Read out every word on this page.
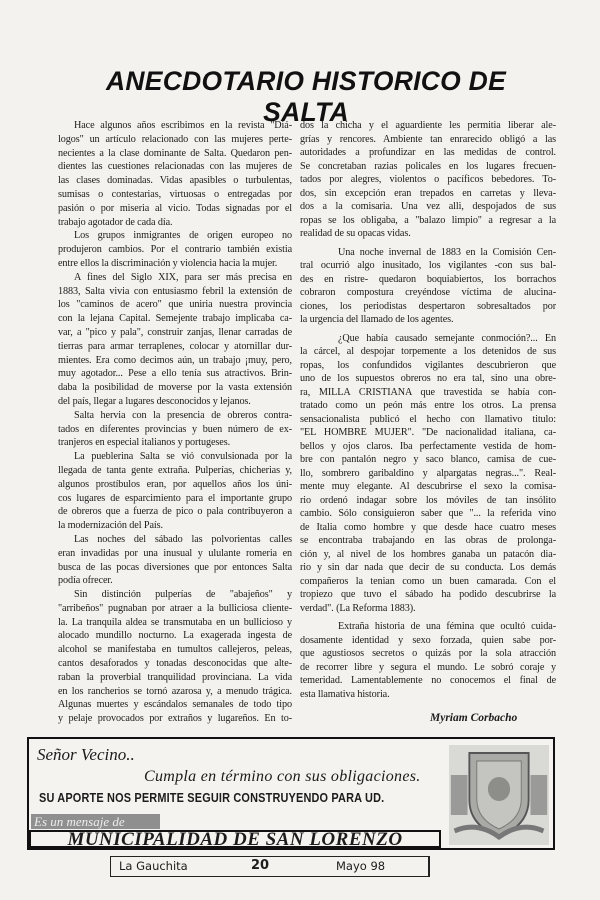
ANECDOTARIO HISTORICO DE SALTA
Hace algunos años escribimos en la revista "Diá-
logos" un artículo relacionado con las mujeres perte-
necientes a la clase dominante de Salta. Quedaron pen-
dientes las cuestiones relacionadas con las mujeres de
las clases dominadas. Vidas apasibles o turbulentas,
sumisas o contestarias, virtuosas o entregadas por
pasión o por miseria al vicio. Todas signadas por el
trabajo agotador de cada día.
Los grupos inmigrantes de origen europeo no
produjeron cambios. Por el contrario también existia
entre ellos la discriminación y violencia hacia la mujer.
A fines del Siglo XIX, para ser más precisa en
1883, Salta vivia con entusiasmo febril la extensión de
los "caminos de acero" que uniria nuestra provincia
con la lejana Capital. Semejente trabajo implicaba ca-
var, a "pico y pala", construir zanjas, llenar carradas de
tierras para armar terraplenes, colocar y atornillar dur-
mientes. Era como decimos aún, un trabajo ¡muy, pero,
muy agotador... Pese a ello tenía sus atractivos. Brin-
daba la posibilidad de moverse por la vasta extensión
del país, llegar a lugares desconocidos y lejanos.
Salta hervia con la presencia de obreros contra-
tados en diferentes provincias y buen número de ex-
tranjeros en especial italianos y portugeses.
La pueblerina Salta se vió convulsionada por la
llegada de tanta gente extraña. Pulperías, chicherias y,
algunos prostíbulos eran, por aquellos años los úni-
cos lugares de esparcimiento para el importante grupo
de obreros que a fuerza de pico o pala contribuyeron a
la modernización del País.
Las noches del sábado las polvorientas calles
eran invadidas por una inusual y ululante romeria en
busca de las pocas diversiones que por entonces Salta
podía ofrecer.
Sin distinción pulperías de "abajeños" y
"arribeños" pugnaban por atraer a la bulliciosa cliente-
la. La tranquila aldea se transmutaba en un bullicioso y
alocado mundillo nocturno. La exagerada ingesta de
alcohol se manifestaba en tumultos callejeros, peleas,
cantos desaforados y tonadas desconocidas que alte-
raban la proverbial tranquilidad provinciana. La vida
en los rancherios se tornó azarosa y, a menudo trágica.
Algunas muertes y escándalos semanales de todo tipo
y pelaje provocados por extraños y lugareños. En to-
dos la chicha y el aguardiente les permitia liberar ale-
grías y rencores. Ambiente tan enrarecido obligó a las
autoridades a profundizar en las medidas de control.
Se concretaban razias policales en los lugares frecuen-
tados por alegres, violentos o pacíficos bebedores. To-
dos, sin excepción eran trepados en carretas y lleva-
dos a la comisaria. Una vez alli, despojados de sus
ropas se los obligaba, a "balazo limpio" a regresar a la
realidad de su opacas vidas.
Una noche invernal de 1883 en la Comisión Cen-
tral ocurrió algo inusitado, los vigilantes -con sus bal-
des en ristre- quedaron boquiabiertos, los borrachos
cobraron compostura creyéndose víctima de alucina-
ciones, los periodistas despertaron sobresaltados por
la urgencia del llamado de los agentes.
¿Que había causado semejante conmoción?... En
la cárcel, al despojar torpemente a los detenidos de sus
ropas, los confundidos vigilantes descubrieron que
uno de los supuestos obreros no era tal, sino una obre-
ra, MILLA CRISTIANA que travestida se había con-
tratado como un peón más entre los otros. La prensa
sensacionalista publicó el hecho con llamativo titulo:
"EL HOMBRE MUJER". "De nacionalidad italiana, ca-
bellos y ojos claros. Iba perfectamente vestida de hom-
bre con pantalón negro y saco blanco, camisa de cue-
llo, sombrero garibaldino y alpargatas negras...". Real-
mente muy elegante. Al descubrirse el sexo la comisa-
rio ordenó indagar sobre los móviles de tan insólito
cambio. Sólo consiguieron saber que "... la referida vino
de Italia como hombre y que desde hace cuatro meses
se encontraba trabajando en las obras de prolonga-
ción y, al nivel de los hombres ganaba un patacón dia-
rio y sin dar nada que decir de su conducta. Los demás
compañeros la tenian como un buen camarada. Con el
tropiezo que tuvo el sábado ha podido descubrirse la
verdad". (La Reforma 1883).
Extraña historia de una fémina que ocultó cuida-
dosamente identidad y sexo forzada, quien sabe por-
que agustiosos secretos o quizás por la sola atracción
de recorrer libre y segura el mundo. Le sobró coraje y
temeridad. Lamentablemente no conocemos el final de
esta llamativa historia.
Myriam Corbacho
Señor Vecino..
Cumpla en término con sus obligaciones.
SU APORTE NOS PERMITE SEGUIR CONSTRUYENDO PARA UD.
Es un mensaje de
MUNICIPALIDAD DE SAN LORENZO
La Gauchita	20	Mayo 98
